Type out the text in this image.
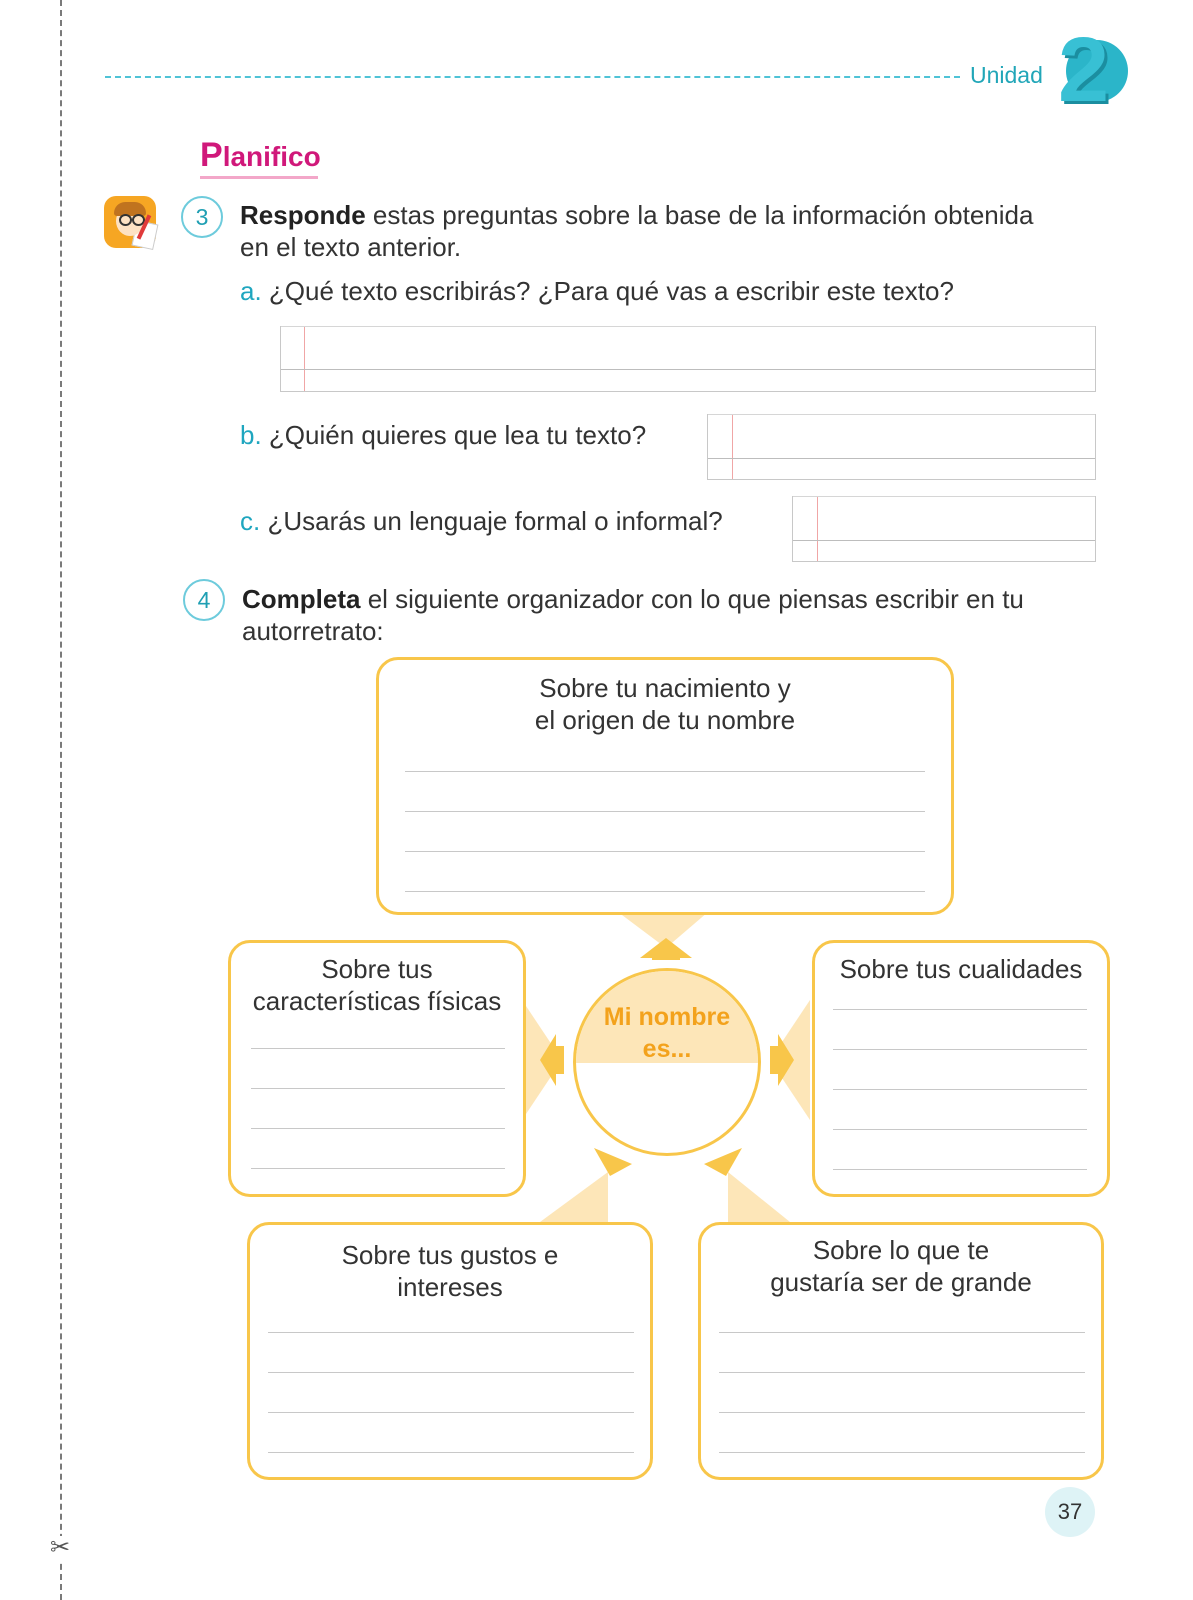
✂
Unidad 2
Planifico
3	Responde estas preguntas sobre la base de la información obtenida en el texto anterior.
a. ¿Qué texto escribirás? ¿Para qué vas a escribir este texto?
b. ¿Quién quieres que lea tu texto?
c. ¿Usarás un lenguaje formal o informal?
4	Completa el siguiente organizador con lo que piensas escribir en tu autorretrato:
Sobre tu nacimiento y
el origen de tu nombre
Sobre tus
características físicas
Sobre tus cualidades
Mi nombre
es...
Sobre tus gustos e
intereses
Sobre lo que te
gustaría ser de grande
37
